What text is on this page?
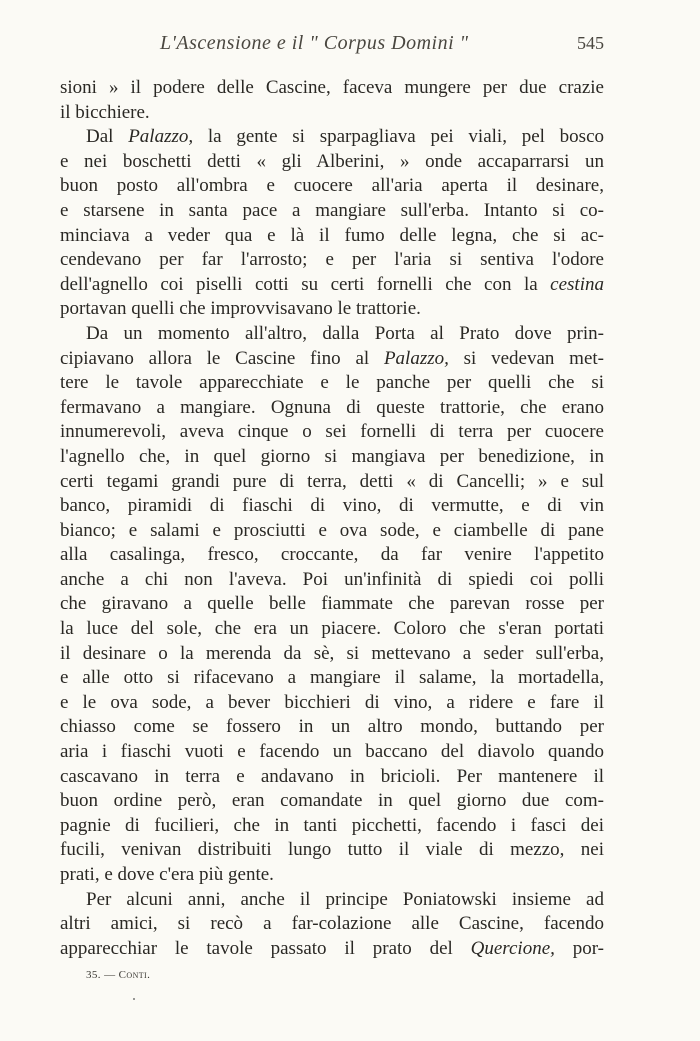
L'Ascensione e il " Corpus Domini "	545
sioni » il podere delle Cascine, faceva mungere per due crazie
il bicchiere.
Dal Palazzo, la gente si sparpagliava pei viali, pel bosco
e nei boschetti detti « gli Alberini, » onde accaparrarsi un
buon posto all'ombra e cuocere all'aria aperta il desinare,
e starsene in santa pace a mangiare sull'erba. Intanto si co-
minciava a veder qua e là il fumo delle legna, che si ac-
cendevano per far l'arrosto; e per l'aria si sentiva l'odore
dell'agnello coi piselli cotti su certi fornelli che con la cestina
portavan quelli che improvvisavano le trattorie.
Da un momento all'altro, dalla Porta al Prato dove prin-
cipiavano allora le Cascine fino al Palazzo, si vedevan met-
tere le tavole apparecchiate e le panche per quelli che si
fermavano a mangiare. Ognuna di queste trattorie, che erano
innumerevoli, aveva cinque o sei fornelli di terra per cuocere
l'agnello che, in quel giorno si mangiava per benedizione, in
certi tegami grandi pure di terra, detti « di Cancelli; » e sul
banco, piramidi di fiaschi di vino, di vermutte, e di vin
bianco; e salami e prosciutti e ova sode, e ciambelle di pane
alla casalinga, fresco, croccante, da far venire l'appetito
anche a chi non l'aveva. Poi un'infinità di spiedi coi polli
che giravano a quelle belle fiammate che parevan rosse per
la luce del sole, che era un piacere. Coloro che s'eran portati
il desinare o la merenda da sè, si mettevano a seder sull'erba,
e alle otto si rifacevano a mangiare il salame, la mortadella,
e le ova sode, a bever bicchieri di vino, a ridere e fare il
chiasso come se fossero in un altro mondo, buttando per
aria i fiaschi vuoti e facendo un baccano del diavolo quando
cascavano in terra e andavano in bricioli. Per mantenere il
buon ordine però, eran comandate in quel giorno due com-
pagnie di fucilieri, che in tanti picchetti, facendo i fasci dei
fucili, venivan distribuiti lungo tutto il viale di mezzo, nei
prati, e dove c'era più gente.
Per alcuni anni, anche il principe Poniatowski insieme ad
altri amici, si recò a far-colazione alle Cascine, facendo
apparecchiar le tavole passato il prato del Quercione, por-
35. — Conti.
